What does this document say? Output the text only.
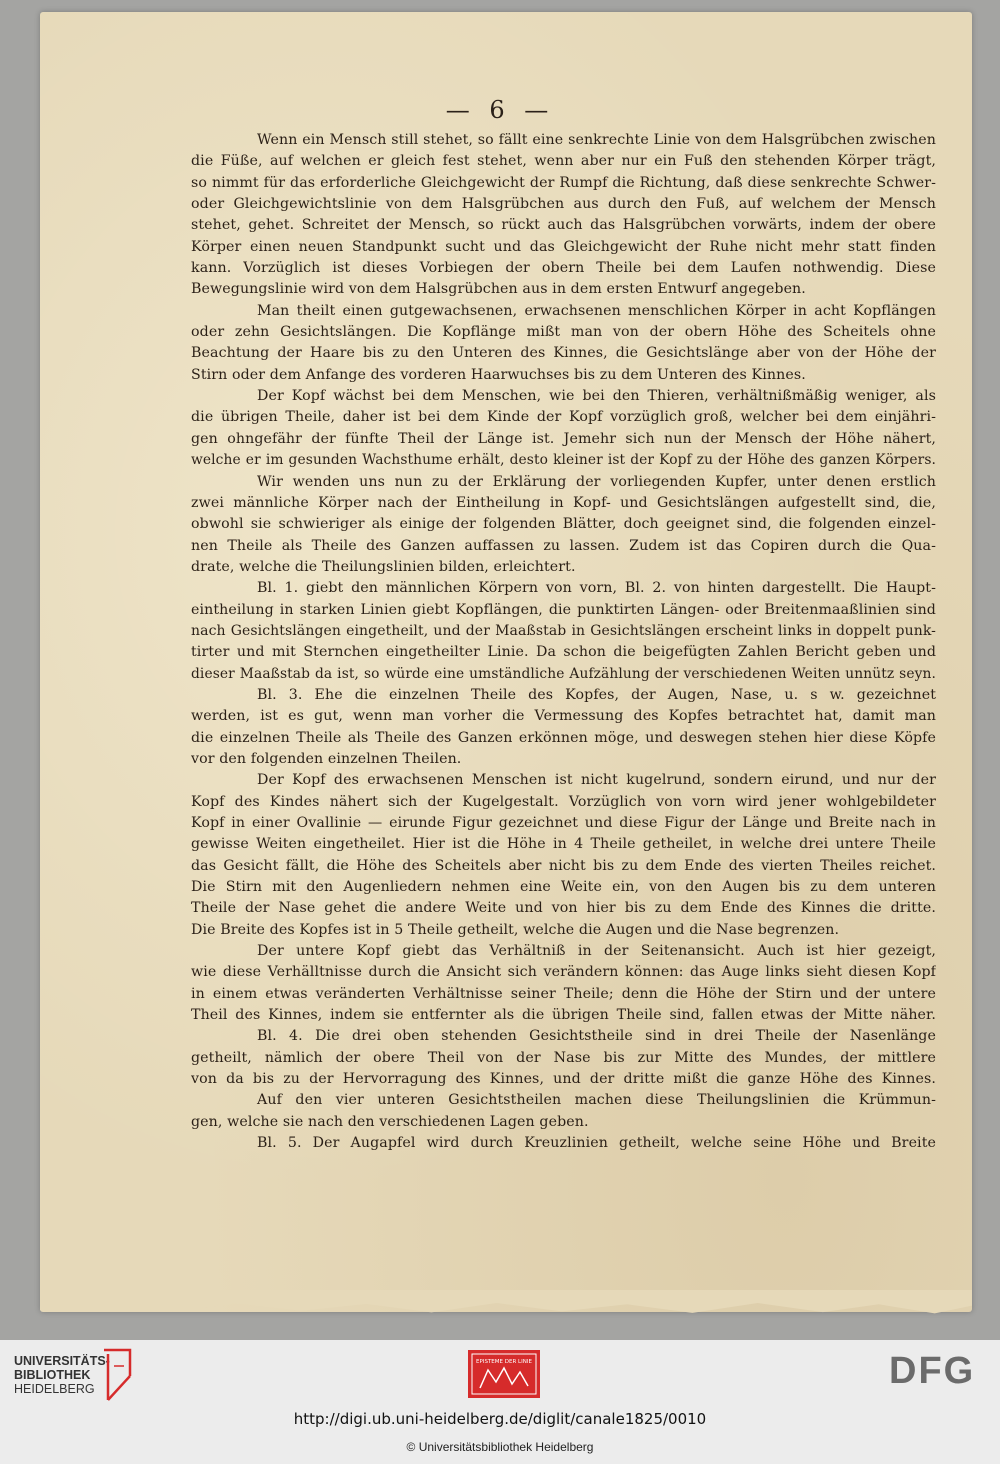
— 6 —
Wenn ein Mensch still stehet, so fällt eine senkrechte Linie von dem Halsgrübchen zwischen
die Füße, auf welchen er gleich fest stehet, wenn aber nur ein Fuß den stehenden Körper trägt,
so nimmt für das erforderliche Gleichgewicht der Rumpf die Richtung, daß diese senkrechte Schwer-
oder Gleichgewichtslinie von dem Halsgrübchen aus durch den Fuß, auf welchem der Mensch
stehet, gehet. Schreitet der Mensch, so rückt auch das Halsgrübchen vorwärts, indem der obere
Körper einen neuen Standpunkt sucht und das Gleichgewicht der Ruhe nicht mehr statt finden
kann. Vorzüglich ist dieses Vorbiegen der obern Theile bei dem Laufen nothwendig. Diese
Bewegungslinie wird von dem Halsgrübchen aus in dem ersten Entwurf angegeben.
Man theilt einen gutgewachsenen, erwachsenen menschlichen Körper in acht Kopflängen
oder zehn Gesichtslängen. Die Kopflänge mißt man von der obern Höhe des Scheitels ohne
Beachtung der Haare bis zu den Unteren des Kinnes, die Gesichtslänge aber von der Höhe der
Stirn oder dem Anfange des vorderen Haarwuchses bis zu dem Unteren des Kinnes.
Der Kopf wächst bei dem Menschen, wie bei den Thieren, verhältnißmäßig weniger, als
die übrigen Theile, daher ist bei dem Kinde der Kopf vorzüglich groß, welcher bei dem einjähri-
gen ohngefähr der fünfte Theil der Länge ist. Jemehr sich nun der Mensch der Höhe nähert,
welche er im gesunden Wachsthume erhält, desto kleiner ist der Kopf zu der Höhe des ganzen Körpers.
Wir wenden uns nun zu der Erklärung der vorliegenden Kupfer, unter denen erstlich
zwei männliche Körper nach der Eintheilung in Kopf- und Gesichtslängen aufgestellt sind, die,
obwohl sie schwieriger als einige der folgenden Blätter, doch geeignet sind, die folgenden einzel-
nen Theile als Theile des Ganzen auffassen zu lassen. Zudem ist das Copiren durch die Qua-
drate, welche die Theilungslinien bilden, erleichtert.
Bl. 1. giebt den männlichen Körpern von vorn, Bl. 2. von hinten dargestellt. Die Haupt-
eintheilung in starken Linien giebt Kopflängen, die punktirten Längen- oder Breitenmaaßlinien sind
nach Gesichtslängen eingetheilt, und der Maaßstab in Gesichtslängen erscheint links in doppelt punk-
tirter und mit Sternchen eingetheilter Linie. Da schon die beigefügten Zahlen Bericht geben und
dieser Maaßstab da ist, so würde eine umständliche Aufzählung der verschiedenen Weiten unnütz seyn.
Bl. 3. Ehe die einzelnen Theile des Kopfes, der Augen, Nase, u. s w. gezeichnet
werden, ist es gut, wenn man vorher die Vermessung des Kopfes betrachtet hat, damit man
die einzelnen Theile als Theile des Ganzen erkönnen möge, und deswegen stehen hier diese Köpfe
vor den folgenden einzelnen Theilen.
Der Kopf des erwachsenen Menschen ist nicht kugelrund, sondern eirund, und nur der
Kopf des Kindes nähert sich der Kugelgestalt. Vorzüglich von vorn wird jener wohlgebildeter
Kopf in einer Ovallinie — eirunde Figur gezeichnet und diese Figur der Länge und Breite nach in
gewisse Weiten eingetheilet. Hier ist die Höhe in 4 Theile getheilet, in welche drei untere Theile
das Gesicht fällt, die Höhe des Scheitels aber nicht bis zu dem Ende des vierten Theiles reichet.
Die Stirn mit den Augenliedern nehmen eine Weite ein, von den Augen bis zu dem unteren
Theile der Nase gehet die andere Weite und von hier bis zu dem Ende des Kinnes die dritte.
Die Breite des Kopfes ist in 5 Theile getheilt, welche die Augen und die Nase begrenzen.
Der untere Kopf giebt das Verhältniß in der Seitenansicht. Auch ist hier gezeigt,
wie diese Verhälltnisse durch die Ansicht sich verändern können: das Auge links sieht diesen Kopf
in einem etwas veränderten Verhältnisse seiner Theile; denn die Höhe der Stirn und der untere
Theil des Kinnes, indem sie entfernter als die übrigen Theile sind, fallen etwas der Mitte näher.
Bl. 4. Die drei oben stehenden Gesichtstheile sind in drei Theile der Nasenlänge
getheilt, nämlich der obere Theil von der Nase bis zur Mitte des Mundes, der mittlere
von da bis zu der Hervorragung des Kinnes, und der dritte mißt die ganze Höhe des Kinnes.
Auf den vier unteren Gesichtstheilen machen diese Theilungslinien die Krümmun-
gen, welche sie nach den verschiedenen Lagen geben.
Bl. 5. Der Augapfel wird durch Kreuzlinien getheilt, welche seine Höhe und Breite
UNIVERSITÄTS-
BIBLIOTHEK
HEIDELBERG
EPISTEME DER LINIE	DFG
http://digi.ub.uni-heidelberg.de/diglit/canale1825/0010
© Universitätsbibliothek Heidelberg
